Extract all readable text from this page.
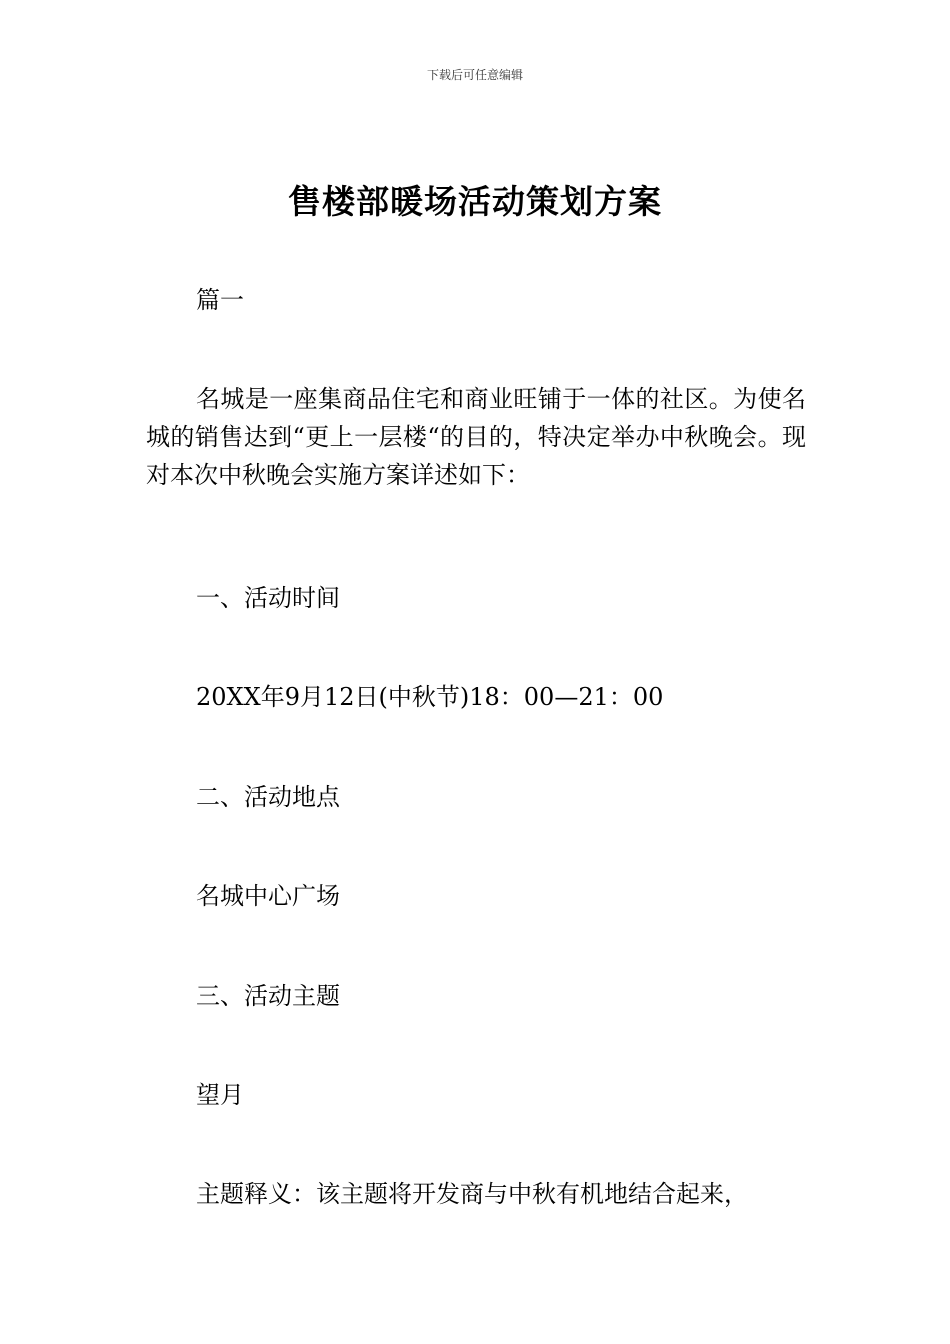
下载后可任意编辑
售楼部暖场活动策划方案

篇一

名城是一座集商品住宅和商业旺铺于一体的社区。为使名城的销售达到“更上一层楼“的目的，特决定举办中秋晚会。现对本次中秋晚会实施方案详述如下：

一、活动时间

20XX年9月12日(中秋节)18：00—21：00

二、活动地点

名城中心广场

三、活动主题

望月

主题释义：该主题将开发商与中秋有机地结合起来，
